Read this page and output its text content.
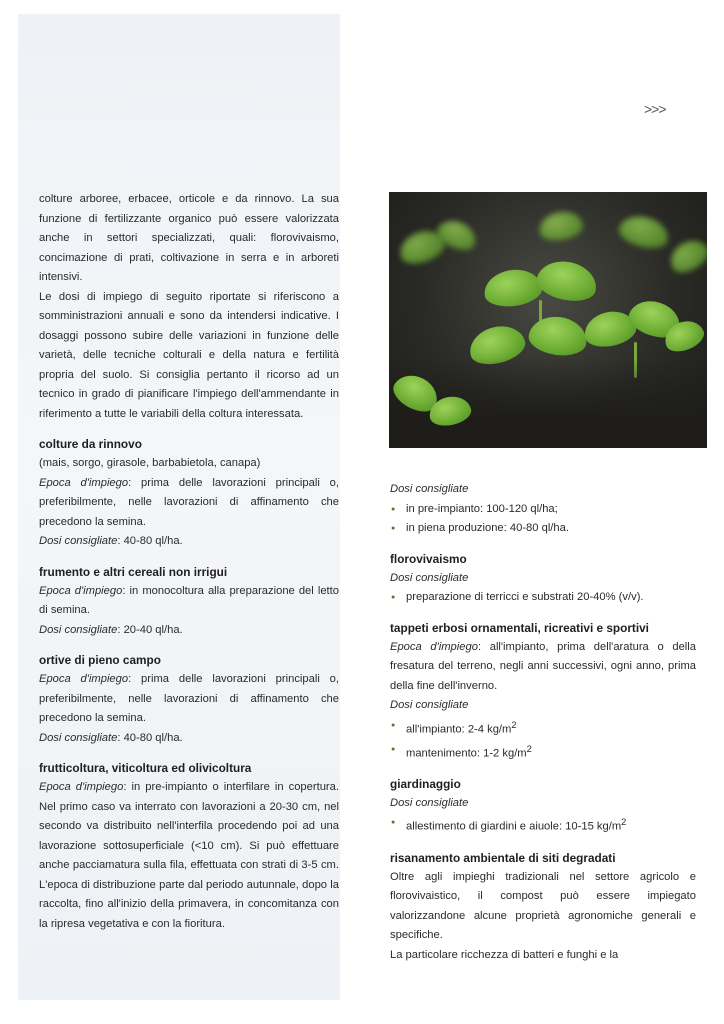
>>>

colture arboree, erbacee, orticole e da rinnovo. La sua funzione di fertilizzante organico può essere valorizzata anche in settori specializzati, quali: florovivaismo, concimazione di prati, coltivazione in serra e in arboreti intensivi.

Le dosi di impiego di seguito riportate si riferiscono a somministrazioni annuali e sono da intendersi indicative. I dosaggi possono subire delle variazioni in funzione delle varietà, delle tecniche colturali e della natura e fertilità propria del suolo. Si consiglia pertanto il ricorso ad un tecnico in grado di pianificare l'impiego dell'ammendante in riferimento a tutte le variabili della coltura interessata.

colture da rinnovo

(mais, sorgo, girasole, barbabietola, canapa)

Epoca d'impiego: prima delle lavorazioni principali o, preferibilmente, nelle lavorazioni di affinamento che precedono la semina.

Dosi consigliate: 40-80 ql/ha.

frumento e altri cereali non irrigui

Epoca d'impiego: in monocoltura alla preparazione del letto di semina.

Dosi consigliate: 20-40 ql/ha.

ortive di pieno campo

Epoca d'impiego: prima delle lavorazioni principali o, preferibilmente, nelle lavorazioni di affinamento che precedono la semina.

Dosi consigliate: 40-80 ql/ha.

frutticoltura, viticoltura ed olivicoltura

Epoca d'impiego: in pre-impianto o interfilare in copertura. Nel primo caso va interrato con lavorazioni a 20-30 cm, nel secondo va distribuito nell'interfila procedendo poi ad una lavorazione sottosuperficiale (<10 cm). Si può effettuare anche pacciamatura sulla fila, effettuata con strati di 3-5 cm. L'epoca di distribuzione parte dal periodo autunnale, dopo la raccolta, fino all'inizio della primavera, in concomitanza con la ripresa vegetativa e con la fioritura.

Dosi consigliate

● in pre-impianto: 100-120 ql/ha;
● in piena produzione: 40-80 ql/ha.
florovivaismo

Dosi consigliate

● preparazione di terricci e substrati 20-40% (v/v).
tappeti erbosi ornamentali, ricreativi e sportivi

Epoca d'impiego: all'impianto, prima dell'aratura o della fresatura del terreno, negli anni successivi, ogni anno, prima della fine dell'inverno.

Dosi consigliate

● all'impianto: 2-4 $kg/m^2$
● mantenimento: 1-2 $kg/m^2$
giardinaggio

Dosi consigliate

● allestimento di giardini e aiuole: 10-15 $kg/m^2$
risanamento ambientale di siti degradati

Oltre agli impieghi tradizionali nel settore agricolo e florovivaistico, il compost può essere impiegato valorizzandone alcune proprietà agronomiche generali e specifiche.

La particolare ricchezza di batteri e funghi e la
